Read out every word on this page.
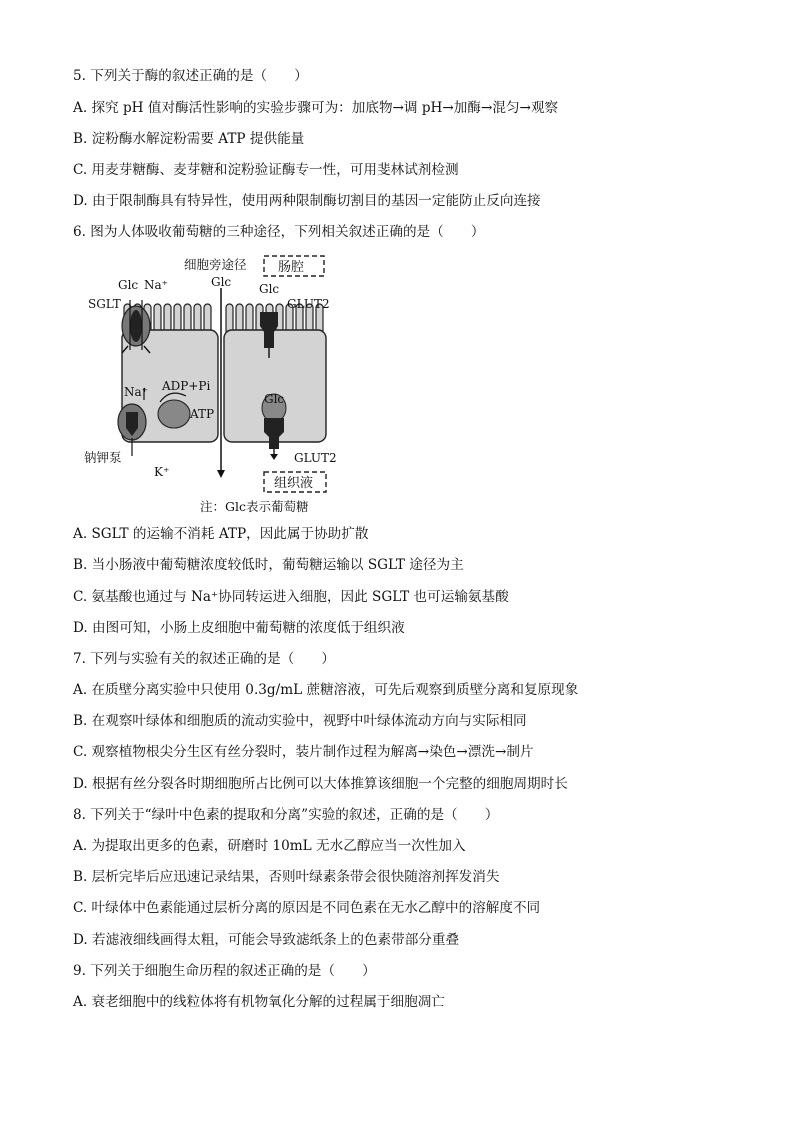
5. 下列关于酶的叙述正确的是（　　）
A. 探究 pH 值对酶活性影响的实验步骤可为：加底物→调 pH→加酶→混匀→观察
B. 淀粉酶水解淀粉需要 ATP 提供能量
C. 用麦芽糖酶、麦芽糖和淀粉验证酶专一性，可用斐林试剂检测
D. 由于限制酶具有特异性，使用两种限制酶切割目的基因一定能防止反向连接
6. 图为人体吸收葡萄糖的三种途径，下列相关叙述正确的是（　　）
细胞旁途径 肠腔
Glc
Glc Na⁺
SGLT
Glc
GLUT2
Na⁺ ADP+Pi
ATP
Glc
钠钾泵
K⁺
GLUT2
组织液
注：Glc表示葡萄糖
A. SGLT 的运输不消耗 ATP，因此属于协助扩散
B. 当小肠液中葡萄糖浓度较低时，葡萄糖运输以 SGLT 途径为主
C. 氨基酸也通过与 Na⁺协同转运进入细胞，因此 SGLT 也可运输氨基酸
D. 由图可知，小肠上皮细胞中葡萄糖的浓度低于组织液
7. 下列与实验有关的叙述正确的是（　　）
A. 在质壁分离实验中只使用 0.3g/mL 蔗糖溶液，可先后观察到质壁分离和复原现象
B. 在观察叶绿体和细胞质的流动实验中，视野中叶绿体流动方向与实际相同
C. 观察植物根尖分生区有丝分裂时，装片制作过程为解离→染色→漂洗→制片
D. 根据有丝分裂各时期细胞所占比例可以大体推算该细胞一个完整的细胞周期时长
8. 下列关于“绿叶中色素的提取和分离”实验的叙述，正确的是（　　）
A. 为提取出更多的色素，研磨时 10mL 无水乙醇应当一次性加入
B. 层析完毕后应迅速记录结果，否则叶绿素条带会很快随溶剂挥发消失
C. 叶绿体中色素能通过层析分离的原因是不同色素在无水乙醇中的溶解度不同
D. 若滤液细线画得太粗，可能会导致滤纸条上的色素带部分重叠
9. 下列关于细胞生命历程的叙述正确的是（　　）
A. 衰老细胞中的线粒体将有机物氧化分解的过程属于细胞凋亡
